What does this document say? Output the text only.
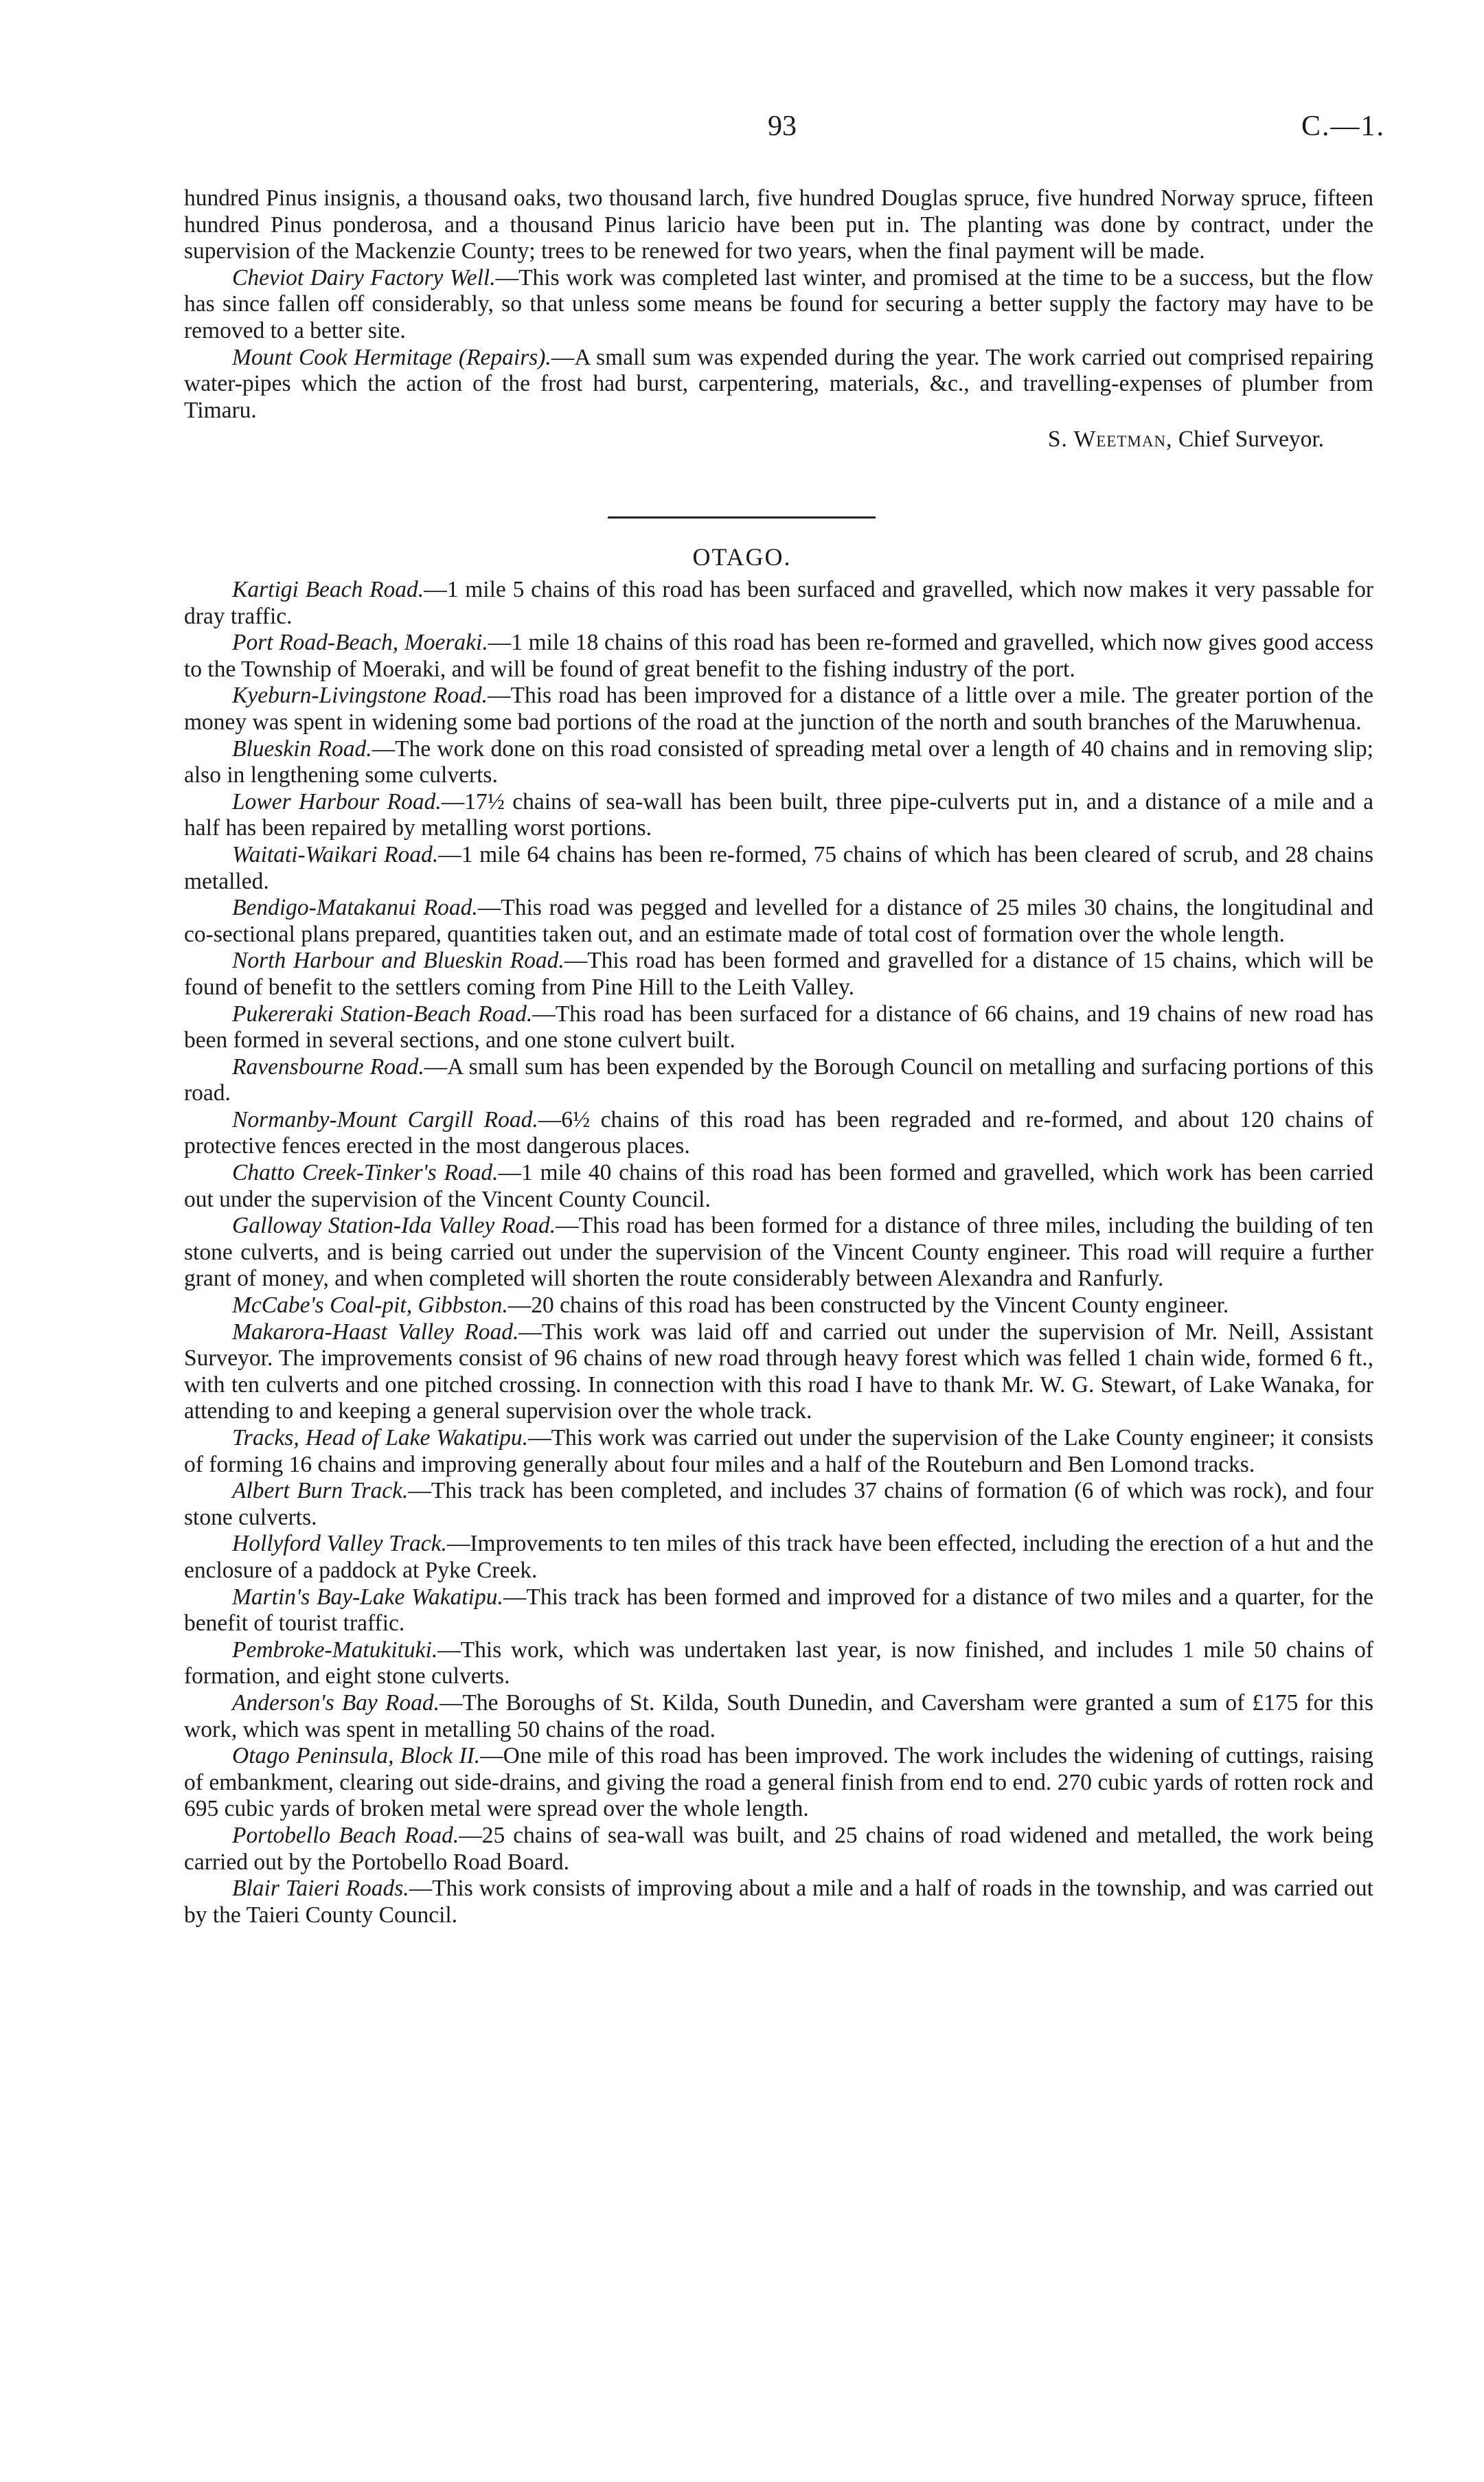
93	C.—1.

hundred Pinus insignis, a thousand oaks, two thousand larch, five hundred Douglas spruce, five hundred Norway spruce, fifteen hundred Pinus ponderosa, and a thousand Pinus laricio have been put in. The planting was done by contract, under the supervision of the Mackenzie County; trees to be renewed for two years, when the final payment will be made.

Cheviot Dairy Factory Well.—This work was completed last winter, and promised at the time to be a success, but the flow has since fallen off considerably, so that unless some means be found for securing a better supply the factory may have to be removed to a better site.

Mount Cook Hermitage (Repairs).—A small sum was expended during the year. The work carried out comprised repairing water-pipes which the action of the frost had burst, carpentering, materials, &c., and travelling-expenses of plumber from Timaru.

S. Weetman, Chief Surveyor.
OTAGO.

Kartigi Beach Road.—1 mile 5 chains of this road has been surfaced and gravelled, which now makes it very passable for dray traffic.

Port Road-Beach, Moeraki.—1 mile 18 chains of this road has been re-formed and gravelled, which now gives good access to the Township of Moeraki, and will be found of great benefit to the fishing industry of the port.

Kyeburn-Livingstone Road.—This road has been improved for a distance of a little over a mile. The greater portion of the money was spent in widening some bad portions of the road at the junction of the north and south branches of the Maruwhenua.

Blueskin Road.—The work done on this road consisted of spreading metal over a length of 40 chains and in removing slip; also in lengthening some culverts.

Lower Harbour Road.—17½ chains of sea-wall has been built, three pipe-culverts put in, and a distance of a mile and a half has been repaired by metalling worst portions.

Waitati-Waikari Road.—1 mile 64 chains has been re-formed, 75 chains of which has been cleared of scrub, and 28 chains metalled.

Bendigo-Matakanui Road.—This road was pegged and levelled for a distance of 25 miles 30 chains, the longitudinal and co-sectional plans prepared, quantities taken out, and an estimate made of total cost of formation over the whole length.

North Harbour and Blueskin Road.—This road has been formed and gravelled for a distance of 15 chains, which will be found of benefit to the settlers coming from Pine Hill to the Leith Valley.

Pukereraki Station-Beach Road.—This road has been surfaced for a distance of 66 chains, and 19 chains of new road has been formed in several sections, and one stone culvert built.

Ravensbourne Road.—A small sum has been expended by the Borough Council on metalling and surfacing portions of this road.

Normanby-Mount Cargill Road.—6½ chains of this road has been regraded and re-formed, and about 120 chains of protective fences erected in the most dangerous places.

Chatto Creek-Tinker's Road.—1 mile 40 chains of this road has been formed and gravelled, which work has been carried out under the supervision of the Vincent County Council.

Galloway Station-Ida Valley Road.—This road has been formed for a distance of three miles, including the building of ten stone culverts, and is being carried out under the supervision of the Vincent County engineer. This road will require a further grant of money, and when completed will shorten the route considerably between Alexandra and Ranfurly.

McCabe's Coal-pit, Gibbston.—20 chains of this road has been constructed by the Vincent County engineer.

Makarora-Haast Valley Road.—This work was laid off and carried out under the supervision of Mr. Neill, Assistant Surveyor. The improvements consist of 96 chains of new road through heavy forest which was felled 1 chain wide, formed 6 ft., with ten culverts and one pitched crossing. In connection with this road I have to thank Mr. W. G. Stewart, of Lake Wanaka, for attending to and keeping a general supervision over the whole track.

Tracks, Head of Lake Wakatipu.—This work was carried out under the supervision of the Lake County engineer; it consists of forming 16 chains and improving generally about four miles and a half of the Routeburn and Ben Lomond tracks.

Albert Burn Track.—This track has been completed, and includes 37 chains of formation (6 of which was rock), and four stone culverts.

Hollyford Valley Track.—Improvements to ten miles of this track have been effected, including the erection of a hut and the enclosure of a paddock at Pyke Creek.

Martin's Bay-Lake Wakatipu.—This track has been formed and improved for a distance of two miles and a quarter, for the benefit of tourist traffic.

Pembroke-Matukituki.—This work, which was undertaken last year, is now finished, and includes 1 mile 50 chains of formation, and eight stone culverts.

Anderson's Bay Road.—The Boroughs of St. Kilda, South Dunedin, and Caversham were granted a sum of £175 for this work, which was spent in metalling 50 chains of the road.

Otago Peninsula, Block II.—One mile of this road has been improved. The work includes the widening of cuttings, raising of embankment, clearing out side-drains, and giving the road a general finish from end to end. 270 cubic yards of rotten rock and 695 cubic yards of broken metal were spread over the whole length.

Portobello Beach Road.—25 chains of sea-wall was built, and 25 chains of road widened and metalled, the work being carried out by the Portobello Road Board.

Blair Taieri Roads.—This work consists of improving about a mile and a half of roads in the township, and was carried out by the Taieri County Council.
